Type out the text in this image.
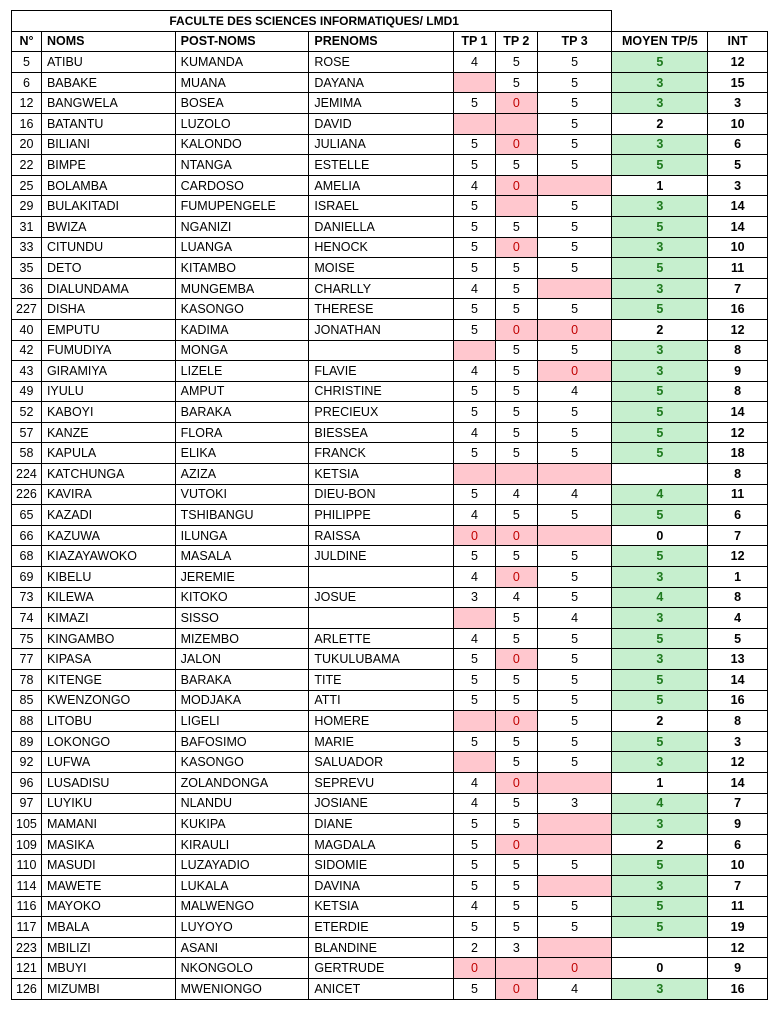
FACULTE DES SCIENCES INFORMATIQUES/ LMD1								
N°	NOMS	POST-NOMS	PRENOMS	TP 1	TP 2	TP 3	MOYEN TP/5	INT
5	ATIBU	KUMANDA	ROSE	4	5	5	5	12
6	BABAKE	MUANA	DAYANA		5	5	3	15
12	BANGWELA	BOSEA	JEMIMA	5	0	5	3	3
16	BATANTU	LUZOLO	DAVID			5	2	10
20	BILIANI	KALONDO	JULIANA	5	0	5	3	6
22	BIMPE	NTANGA	ESTELLE	5	5	5	5	5
25	BOLAMBA	CARDOSO	AMELIA	4	0		1	3
29	BULAKITADI	FUMUPENGELE	ISRAEL	5		5	3	14
31	BWIZA	NGANIZI	DANIELLA	5	5	5	5	14
33	CITUNDU	LUANGA	HENOCK	5	0	5	3	10
35	DETO	KITAMBO	MOISE	5	5	5	5	11
36	DIALUNDAMA	MUNGEMBA	CHARLLY	4	5		3	7
227	DISHA	KASONGO	THERESE	5	5	5	5	16
40	EMPUTU	KADIMA	JONATHAN	5	0	0	2	12
42	FUMUDIYA	MONGA			5	5	3	8
43	GIRAMIYA	LIZELE	FLAVIE	4	5	0	3	9
49	IYULU	AMPUT	CHRISTINE	5	5	4	5	8
52	KABOYI	BARAKA	PRECIEUX	5	5	5	5	14
57	KANZE	FLORA	BIESSEA	4	5	5	5	12
58	KAPULA	ELIKA	FRANCK	5	5	5	5	18
224	KATCHUNGA	AZIZA	KETSIA					8
226	KAVIRA	VUTOKI	DIEU-BON	5	4	4	4	11
65	KAZADI	TSHIBANGU	PHILIPPE	4	5	5	5	6
66	KAZUWA	ILUNGA	RAISSA	0	0		0	7
68	KIAZAYAWOKO	MASALA	JULDINE	5	5	5	5	12
69	KIBELU	JEREMIE		4	0	5	3	1
73	KILEWA	KITOKO	JOSUE	3	4	5	4	8
74	KIMAZI	SISSO			5	4	3	4
75	KINGAMBO	MIZEMBO	ARLETTE	4	5	5	5	5
77	KIPASA	JALON	TUKULUBAMA	5	0	5	3	13
78	KITENGE	BARAKA	TITE	5	5	5	5	14
85	KWENZONGO	MODJAKA	ATTI	5	5	5	5	16
88	LITOBU	LIGELI	HOMERE		0	5	2	8
89	LOKONGO	BAFOSIMO	MARIE	5	5	5	5	3
92	LUFWA	KASONGO	SALUADOR		5	5	3	12
96	LUSADISU	ZOLANDONGA	SEPREVU	4	0		1	14
97	LUYIKU	NLANDU	JOSIANE	4	5	3	4	7
105	MAMANI	KUKIPA	DIANE	5	5		3	9
109	MASIKA	KIRAULI	MAGDALA	5	0		2	6
110	MASUDI	LUZAYADIO	SIDOMIE	5	5	5	5	10
114	MAWETE	LUKALA	DAVINA	5	5		3	7
116	MAYOKO	MALWENGO	KETSIA	4	5	5	5	11
117	MBALA	LUYOYO	ETERDIE	5	5	5	5	19
223	MBILIZI	ASANI	BLANDINE	2	3			12
121	MBUYI	NKONGOLO	GERTRUDE	0		0	0	9
126	MIZUMBI	MWENIONGO	ANICET	5	0	4	3	16
